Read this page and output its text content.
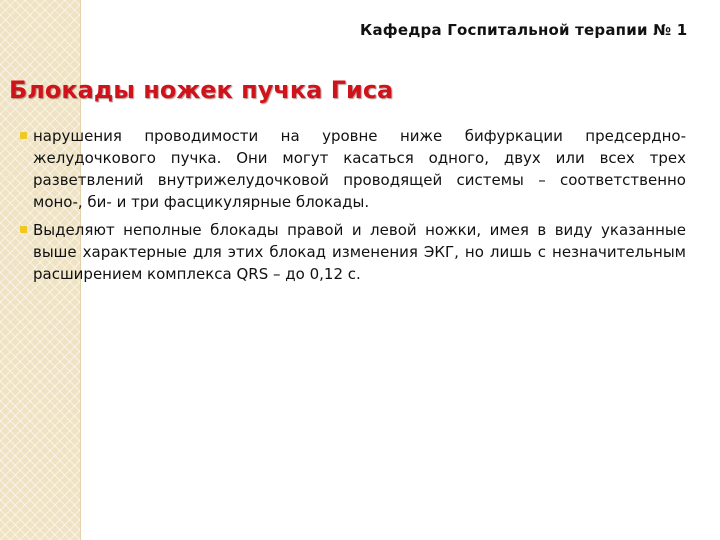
Кафедра Госпитальной терапии № 1
Блокады ножек пучка Гиса
нарушения проводимости на уровне ниже бифуркации предсердно-желудочкового пучка. Они могут касаться одного, двух или всех трех разветвлений внутрижелудочковой проводящей системы – соответственно моно-, би- и три фасцикулярные блокады.
Выделяют неполные блокады правой и левой ножки, имея в виду указанные выше характерные для этих блокад изменения ЭКГ, но лишь с незначительным расширением комплекса QRS – до 0,12 с.
